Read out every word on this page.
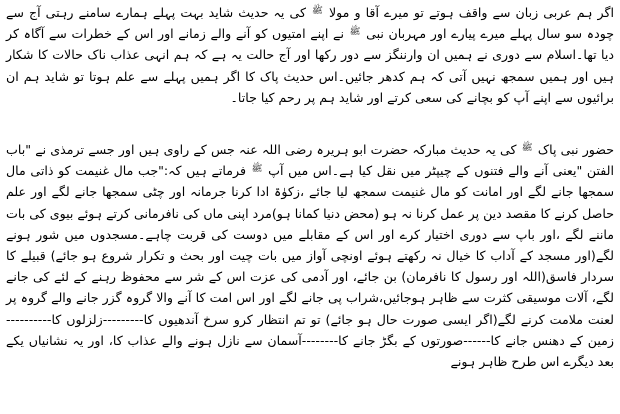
اگر ہم عربی زبان سے واقف ہوتے تو میرے آقا و مولا ﷺ کی یہ حدیث شاید بہت پہلے ہمارے سامنے رہتی آج سے چودہ سو سال پہلے میرے پیارے اور مہربان نبی ﷺ نے اپنے امتیوں کو آنے والے زمانے اور اس کے خطرات سے آگاہ کر دیا تھا۔اسلام سے دوری نے ہمیں ان وارننگز سے دور رکھا اور آج حالت یہ ہے کہ ہم انہی عذاب ناک حالات کا شکار ہیں اور ہمیں سمجھ نہیں آتی کہ ہم کدھر جائیں۔اس حدیث پاک کا اگر ہمیں پہلے سے علم ہوتا تو شاید ہم ان برائیوں سے اپنے آپ کو بچانے کی سعی کرتے اور شاید ہم پر رحم کیا جاتا۔

حضور نبی پاک ﷺ کی یہ حدیث مبارکہ حضرت ابو ہریرہ رضی اللہ عنہ جس کے راوی ہیں اور جسے ترمذی نے "باب الفتن "یعنی آنے والے فتنوں کے چیپٹر میں نقل کیا ہے۔اس میں آپ ﷺ فرماتے ہیں کہ:"جب مال غنیمت کو ذاتی مال سمجھا جانے لگے اور امانت کو مال غنیمت سمجھ لیا جائے ،زکوٰۃ ادا کرنا جرمانہ اور چٹی سمجھا جانے لگے اور علم حاصل کرنے کا مقصد دین پر عمل کرنا نہ ہو (محض دنیا کمانا ہو)مرد اپنی ماں کی نافرمانی کرتے ہوئے بیوی کی بات ماننے لگے ،اور باپ سے دوری اختیار کرے اور اس کے مقابلے میں دوست کی قربت چاہے۔مسجدوں میں شور ہونے لگے(اور مسجد کے آداب کا خیال نہ رکھتے ہوئے اونچی آواز میں بات چیت اور بحث و تکرار شروع ہو جائے) قبیلے کا سردار فاسق(اللہ اور رسول کا نافرمان) بن جائے، اور آدمی کی عزت اس کے شر سے محفوظ رہنے کے لئے کی جانے لگے، آلات موسیقی کثرت سے ظاہر ہوجائیں،شراب پی جانے لگے اور اس امت کا آنے والا گروہ گزر جانے والے گروہ پر لعنت ملامت کرنے لگے(اگر ایسی صورت حال ہو جائے) تو تم انتظار کرو سرخ آندھیوں کا---------زلزلوں کا----------زمین کے دھنس جانے کا------صورتوں کے بگڑ جانے کا--------آسمان سے نازل ہونے والے عذاب کا، اور یہ نشانیاں یکے بعد دیگرے اس طرح ظاہر ہونے
